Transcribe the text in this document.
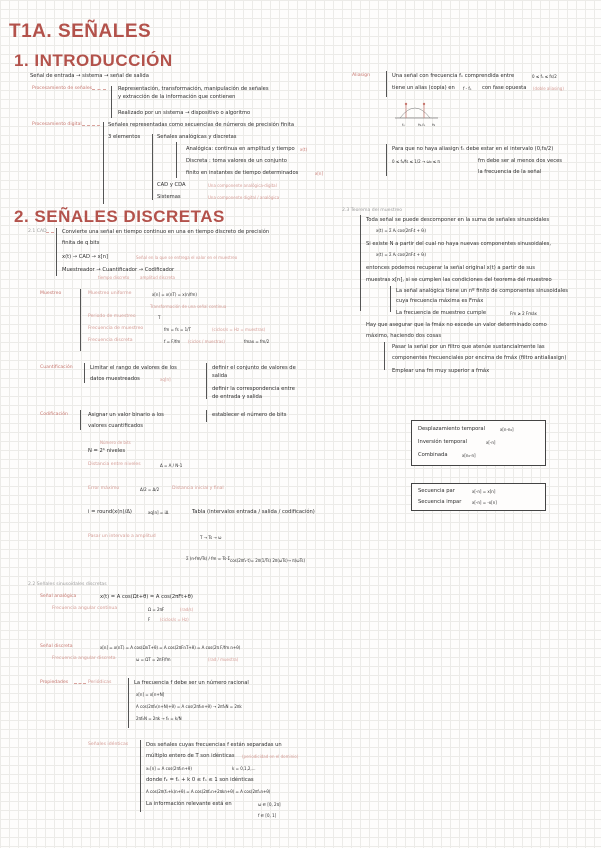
T1A. SEÑALES
1. INTRODUCCIÓN
2. SEÑALES DISCRETAS
Señal de entrada → sistema → señal de salida
Procesamiento de señales	Representación, transformación, manipulación de señales
y extracción de la información que contienen
Realizado por un sistema → dispositivo o algoritmo
Procesamiento digital	Señales representadas como secuencias de números de precisión finita
3 elementos	Señales analógicas y discretas
Analógica: continua en amplitud y tiempo x(t)
Discreta : toma valores de un conjunto
finito en instantes de tiempo determinados	x[n]
CAD y CDA	Una componente analógica-digital
Sistemas	Una componente digital / analógica
Aliasign	Una señal con frecuencia fₒ comprendida entre	0 ≤ fₒ ≤ fs/2
tiene un alias (copia) en f - fₒ con fase opuesta (doble aliasing)
f₀	fs-f₀ fs
Para que no haya aliasign fₒ debe estar en el intervalo (0,fs/2)
0 ≤ f₀/fs ≤ 1/2 → ω₀ ≤ π	fm debe ser al menos dos veces
la frecuencia de la señal
2.3 Teorema del muestreo
Toda señal se puede descomponer en la suma de señales sinusoidales
x(t) = Σ Aᵢ cos(2πFᵢt + θᵢ)
Si existe N a partir del cual no haya nuevas componentes sinusoidales,
x(t) = Σ Aᵢ cos(2πFᵢt + θᵢ)
entonces podemos recuperar la señal original x(t) a partir de sus
muestras x[n], si se cumplen las condiciones del teorema del muestreo
La señal analógica tiene un nº finito de componentes sinusoidales
cuya frecuencia máxima es Fmáx
La frecuencia de muestreo cumple	Fm ≥ 2 Fmáx
Hay que asegurar que la fmáx no excede un valor determinado como
máximo, haciendo dos cosas
Pasar la señal por un filtro que atenúe sustancialmente las
componentes frecuenciales por encima de fmáx (filtro antialiasign)
Emplear una fm muy superior a fmáx
Desplazamiento temporal	x[n-n₀]
Inversión temporal	x[-n]
Combinada	x[n₀-n]
Secuencia par	x[-n] = x[n]
Secuencia impar	x[-n] = -x[n]
2.1 CAD	Convierte una señal en tiempo continuo en una en tiempo discreto de precisión
finita de q bits
x(t) → CAD → x[n]	Señal en la que se entrega el valor en el muestreo
Muestreador → Cuantificador → Codificador
tiempo discreto	amplitud discreta
Muestreo	Muestreo uniforme	x[n] = x(nT) = x(n/fm)
Transformación de una señal continua
Periodo de muestreo	T
Frecuencia de muestreo	fm = fs = 1/T	(ciclos/s = Hz = muestras)
Frecuencia discreta	f = F/fm (ciclos / muestras)	fmax = fm/2
Cuantificación	Limitar el rango de valores de los
datos muestreados	xq[n]
definir el conjunto de valores de
salida
definir la correspondencia entre
de entrada y salida
Codificación	Asignar un valor binario a los
valores cuantificados
establecer el número de bits
Número de bits
N = 2ᵇ niveles
Distancia entre niveles	Δ = A / N-1
Error máximo	Δ/2 = Δ/2	Distancia inicial y final
i = round(x(n)/Δ)	xq[n] = iΔ	Tabla (intervalos entrada / salida / codificación)
Pasar un intervalo a amplitud	T → Ts → ω
Σ (n·fm/Ts) / fm = Ts·Σ cos(2πf₁·t)= 2π(1/Ts) 2π(ωTs)→ π(ωTs)
2.2 Señales sinusoidales discretas
Señal analógica	x(t) = A cos(Ωt+θ) = A cos(2πFt+θ)
Frecuencia angular continua	Ω = 2πF	(rad/s)
F (ciclos/s = Hz)
Señal discreta	x[n] = x(nT) = A cos(ΩnT+θ) = A cos(2πFnT+θ) = A cos(2π F/fm n+θ)
Frecuencia angular discreta	ω = ΩT = 2πF/fm	(rad / muestra)
Propiedades	Periódicas	La frecuencia f debe ser un número racional
x[n] = x[n+N]
A cos(2πf₀(n+N)+θ) = A cos(2πf₀n+θ) → 2πf₀N = 2πk
2πf₀N = 2πk → f₀ = k/N
Señales idénticas	Dos señales cuyas frecuencias f están separadas un
múltiplo entero de T son idénticas (periodicidad en el dominio)
xₖ[n] = A cos(2πfₖn+θ)	k = 0,1,2,...
donde fₖ = fₒ + k 0 ≤ fₒ ≤ 1 son idénticas
A cos(2π(fₒ+k)n+θ) = A cos(2πfₒn+2πkn+θ) = A cos(2πfₒn+θ)
La información relevante está en	ω ∈ [0, 2π]
f ∈ [0, 1]
